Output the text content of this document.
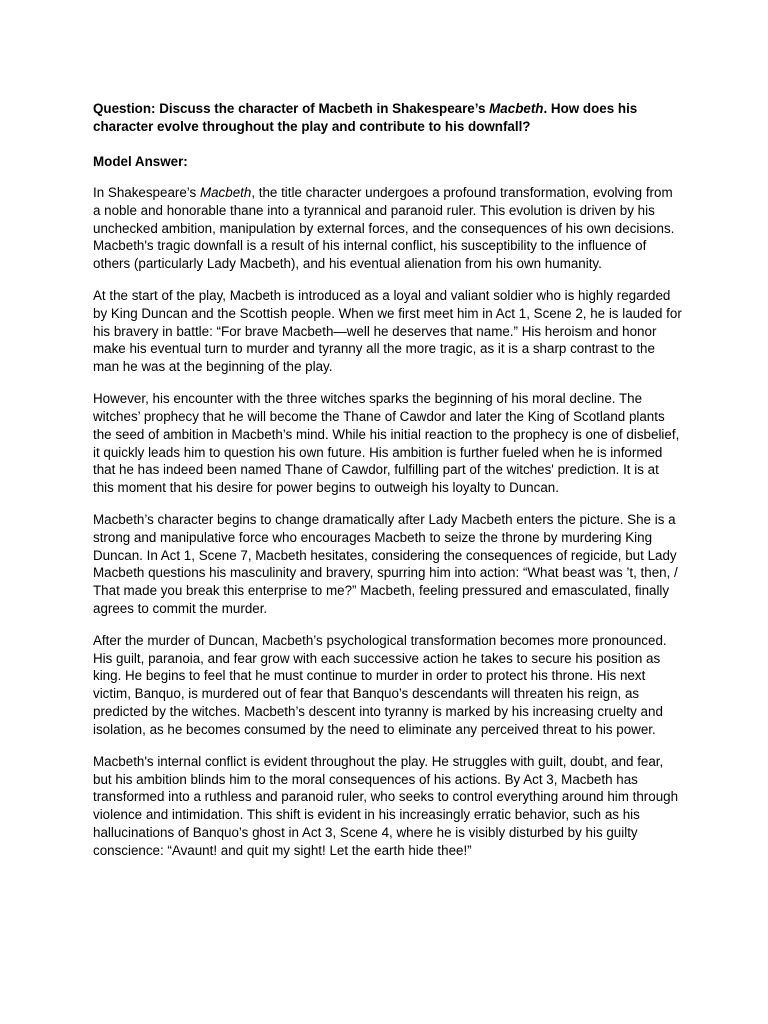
Question: Discuss the character of Macbeth in Shakespeare’s Macbeth. How does his character evolve throughout the play and contribute to his downfall?
Model Answer:

In Shakespeare’s Macbeth, the title character undergoes a profound transformation, evolving from a noble and honorable thane into a tyrannical and paranoid ruler. This evolution is driven by his unchecked ambition, manipulation by external forces, and the consequences of his own decisions. Macbeth's tragic downfall is a result of his internal conflict, his susceptibility to the influence of others (particularly Lady Macbeth), and his eventual alienation from his own humanity.

At the start of the play, Macbeth is introduced as a loyal and valiant soldier who is highly regarded by King Duncan and the Scottish people. When we first meet him in Act 1, Scene 2, he is lauded for his bravery in battle: “For brave Macbeth—well he deserves that name.” His heroism and honor make his eventual turn to murder and tyranny all the more tragic, as it is a sharp contrast to the man he was at the beginning of the play.

However, his encounter with the three witches sparks the beginning of his moral decline. The witches’ prophecy that he will become the Thane of Cawdor and later the King of Scotland plants the seed of ambition in Macbeth’s mind. While his initial reaction to the prophecy is one of disbelief, it quickly leads him to question his own future. His ambition is further fueled when he is informed that he has indeed been named Thane of Cawdor, fulfilling part of the witches' prediction. It is at this moment that his desire for power begins to outweigh his loyalty to Duncan.

Macbeth’s character begins to change dramatically after Lady Macbeth enters the picture. She is a strong and manipulative force who encourages Macbeth to seize the throne by murdering King Duncan. In Act 1, Scene 7, Macbeth hesitates, considering the consequences of regicide, but Lady Macbeth questions his masculinity and bravery, spurring him into action: “What beast was ’t, then, / That made you break this enterprise to me?” Macbeth, feeling pressured and emasculated, finally agrees to commit the murder.

After the murder of Duncan, Macbeth’s psychological transformation becomes more pronounced. His guilt, paranoia, and fear grow with each successive action he takes to secure his position as king. He begins to feel that he must continue to murder in order to protect his throne. His next victim, Banquo, is murdered out of fear that Banquo’s descendants will threaten his reign, as predicted by the witches. Macbeth’s descent into tyranny is marked by his increasing cruelty and isolation, as he becomes consumed by the need to eliminate any perceived threat to his power.

Macbeth's internal conflict is evident throughout the play. He struggles with guilt, doubt, and fear, but his ambition blinds him to the moral consequences of his actions. By Act 3, Macbeth has transformed into a ruthless and paranoid ruler, who seeks to control everything around him through violence and intimidation. This shift is evident in his increasingly erratic behavior, such as his hallucinations of Banquo’s ghost in Act 3, Scene 4, where he is visibly disturbed by his guilty conscience: “Avaunt! and quit my sight! Let the earth hide thee!”
